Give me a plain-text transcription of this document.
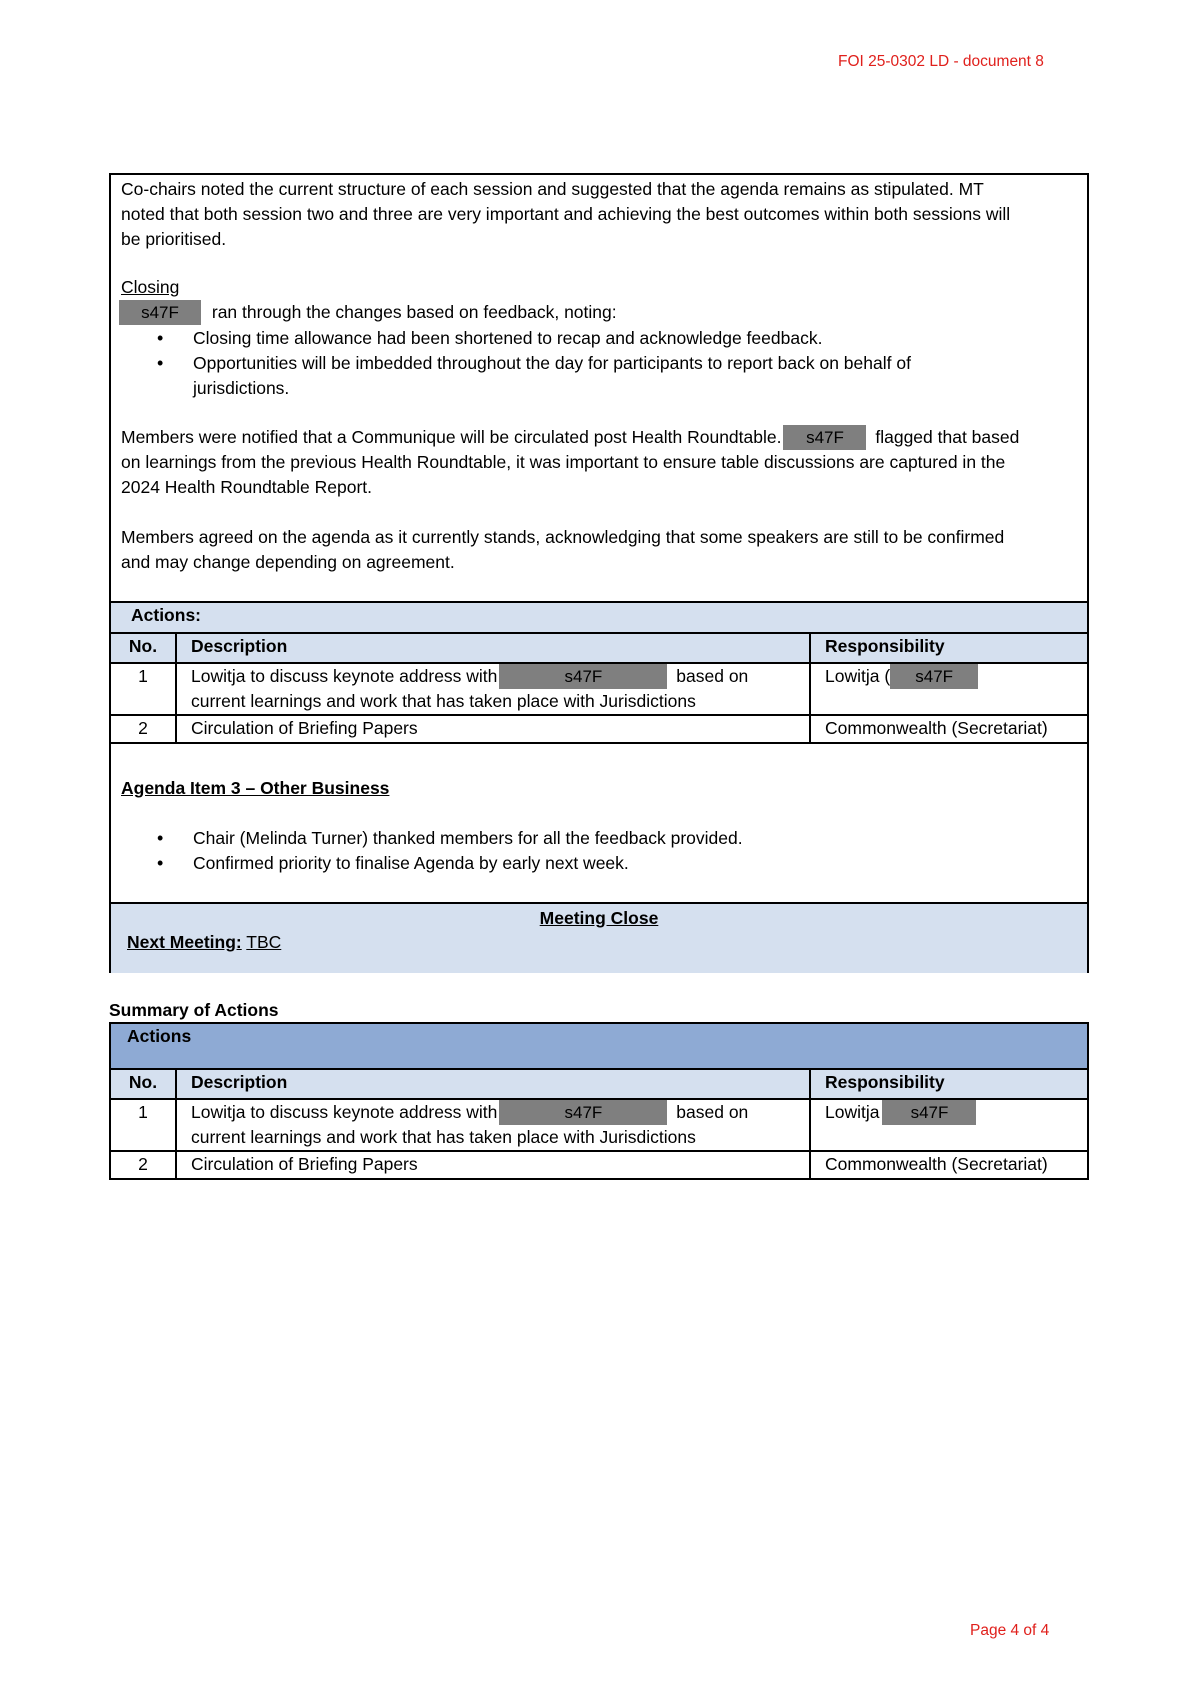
FOI 25-0302 LD - document 8
Co-chairs noted the current structure of each session and suggested that the agenda remains as stipulated. MT
noted that both session two and three are very important and achieving the best outcomes within both sessions will
be prioritised.
Closing
s47F ran through the changes based on feedback, noting:
• Closing time allowance had been shortened to recap and acknowledge feedback.
• Opportunities will be imbedded throughout the day for participants to report back on behalf of jurisdictions.
Members were notified that a Communique will be circulated post Health Roundtable. s47F flagged that based
on learnings from the previous Health Roundtable, it was important to ensure table discussions are captured in the
2024 Health Roundtable Report.
Members agreed on the agenda as it currently stands, acknowledging that some speakers are still to be confirmed
and may change depending on agreement.
Actions:		
No.	Description	Responsibility
1	Lowitja to discuss keynote address with s47F based on
current learnings and work that has taken place with Jurisdictions	Lowitja ( s47F
2	Circulation of Briefing Papers	Commonwealth (Secretariat)
Agenda Item 3 – Other Business
• Chair (Melinda Turner) thanked members for all the feedback provided.
• Confirmed priority to finalise Agenda by early next week.
Meeting Close
Next Meeting: TBC
Summary of Actions
Actions		
No.	Description	Responsibility
1	Lowitja to discuss keynote address with s47F based on
current learnings and work that has taken place with Jurisdictions	Lowitja s47F
2	Circulation of Briefing Papers	Commonwealth (Secretariat)
Page 4 of 4
